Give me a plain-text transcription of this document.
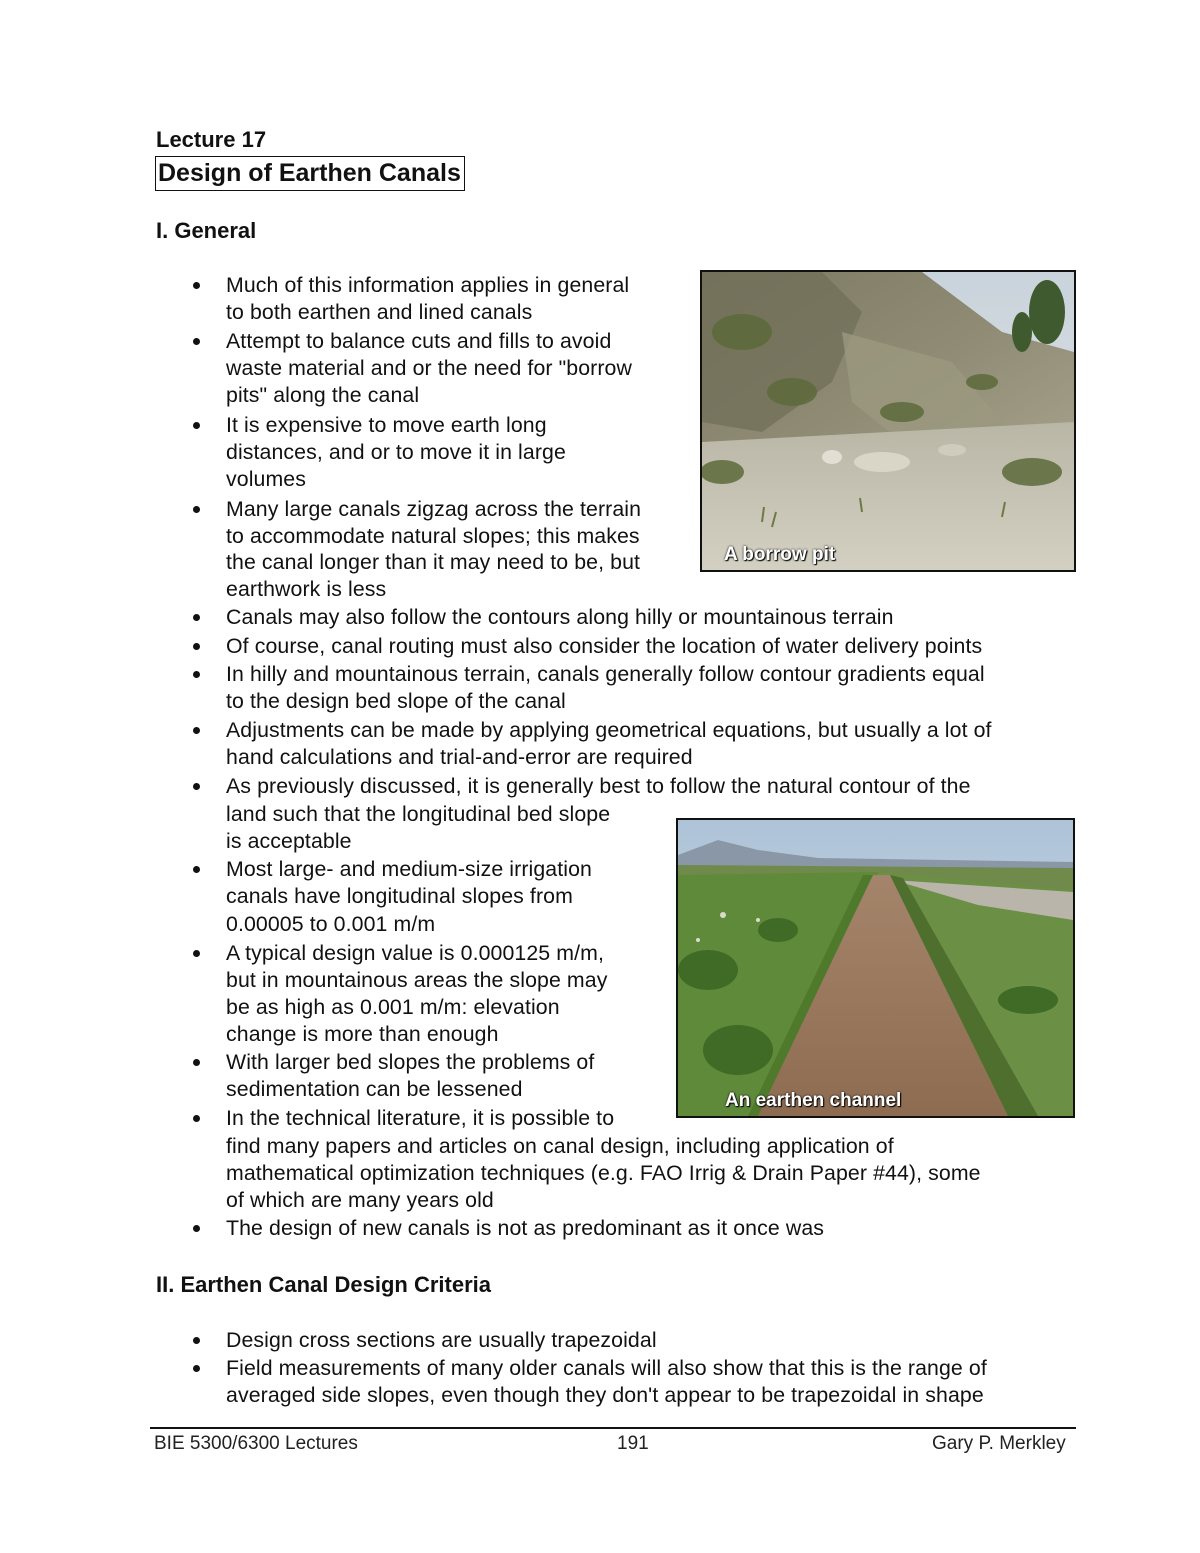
Lecture 17
Design of Earthen Canals
I. General
Much of this information applies in general
to both earthen and lined canals
Attempt to balance cuts and fills to avoid
waste material and or the need for "borrow
pits" along the canal
It is expensive to move earth long
distances, and or to move it in large
volumes
Many large canals zigzag across the terrain
to accommodate natural slopes; this makes
the canal longer than it may need to be, but
earthwork is less
Canals may also follow the contours along hilly or mountainous terrain
Of course, canal routing must also consider the location of water delivery points
In hilly and mountainous terrain, canals generally follow contour gradients equal
to the design bed slope of the canal
Adjustments can be made by applying geometrical equations, but usually a lot of
hand calculations and trial-and-error are required
As previously discussed, it is generally best to follow the natural contour of the
land such that the longitudinal bed slope
is acceptable
Most large- and medium-size irrigation
canals have longitudinal slopes from
0.00005 to 0.001 m/m
A typical design value is 0.000125 m/m,
but in mountainous areas the slope may
be as high as 0.001 m/m: elevation
change is more than enough
With larger bed slopes the problems of
sedimentation can be lessened
In the technical literature, it is possible to
find many papers and articles on canal design, including application of
mathematical optimization techniques (e.g. FAO Irrig & Drain Paper #44), some
of which are many years old
The design of new canals is not as predominant as it once was
II. Earthen Canal Design Criteria
Design cross sections are usually trapezoidal
Field measurements of many older canals will also show that this is the range of
averaged side slopes, even though they don't appear to be trapezoidal in shape
A borrow pit
An earthen channel
BIE 5300/6300 Lectures	191	Gary P. Merkley
